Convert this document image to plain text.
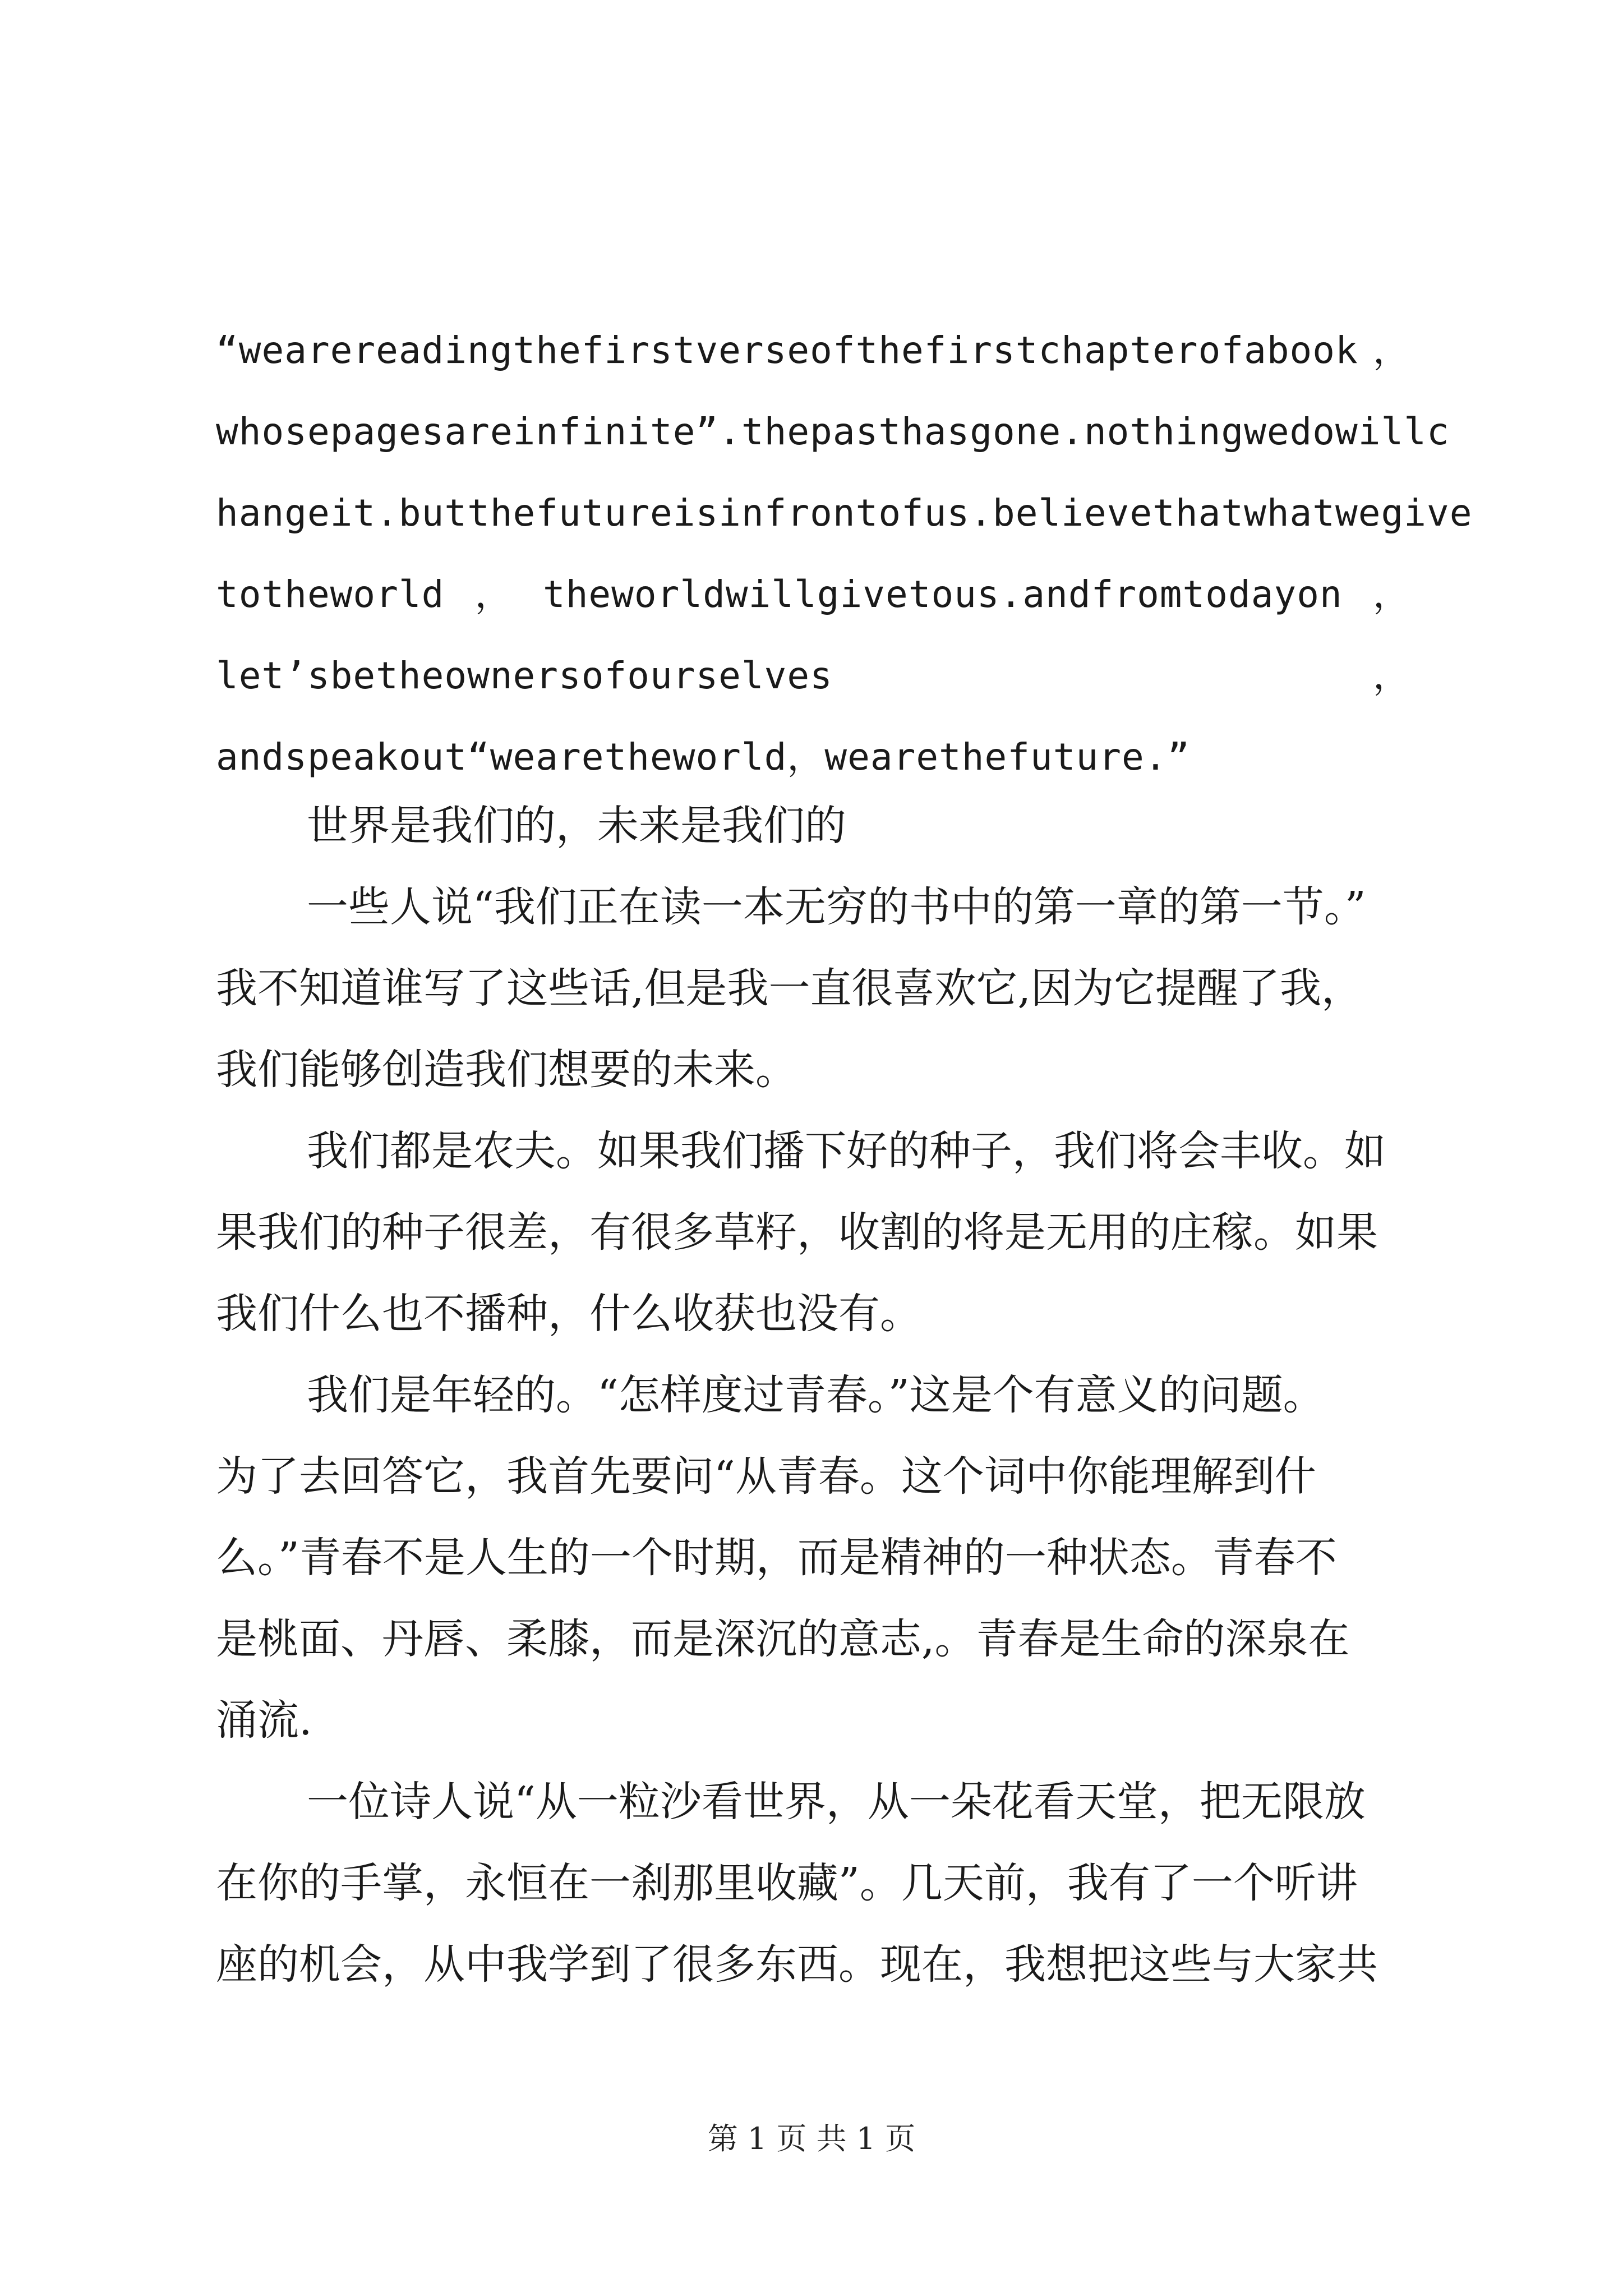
“wearereadingthefirstverseofthefirstchapterofabook ，
whosepagesareinfinite”.thepasthasgone.nothingwedowillc
hangeit.butthefutureisinfrontofus.believethatwhatwegive
totheworld ， theworldwillgivetous.andfromtodayon ，
let’sbetheownersofourselves	，
andspeakout“wearetheworld，wearethefuture.”
世界是我们的，未来是我们的
一些人说“我们正在读一本无穷的书中的第一章的第一节。”
我不知道谁写了这些话,但是我一直很喜欢它,因为它提醒了我，
我们能够创造我们想要的未来。
我们都是农夫。如果我们播下好的种子，我们将会丰收。如
果我们的种子很差，有很多草籽，收割的将是无用的庄稼。如果
我们什么也不播种，什么收获也没有。
我们是年轻的。“怎样度过青春。”这是个有意义的问题。
为了去回答它，我首先要问“从青春。这个词中你能理解到什
么。”青春不是人生的一个时期，而是精神的一种状态。青春不
是桃面、丹唇、柔膝，而是深沉的意志,。青春是生命的深泉在
涌流.
一位诗人说“从一粒沙看世界，从一朵花看天堂，把无限放
在你的手掌，永恒在一刹那里收藏”。几天前，我有了一个听讲
座的机会，从中我学到了很多东西。现在，我想把这些与大家共
第 1 页 共 1 页
